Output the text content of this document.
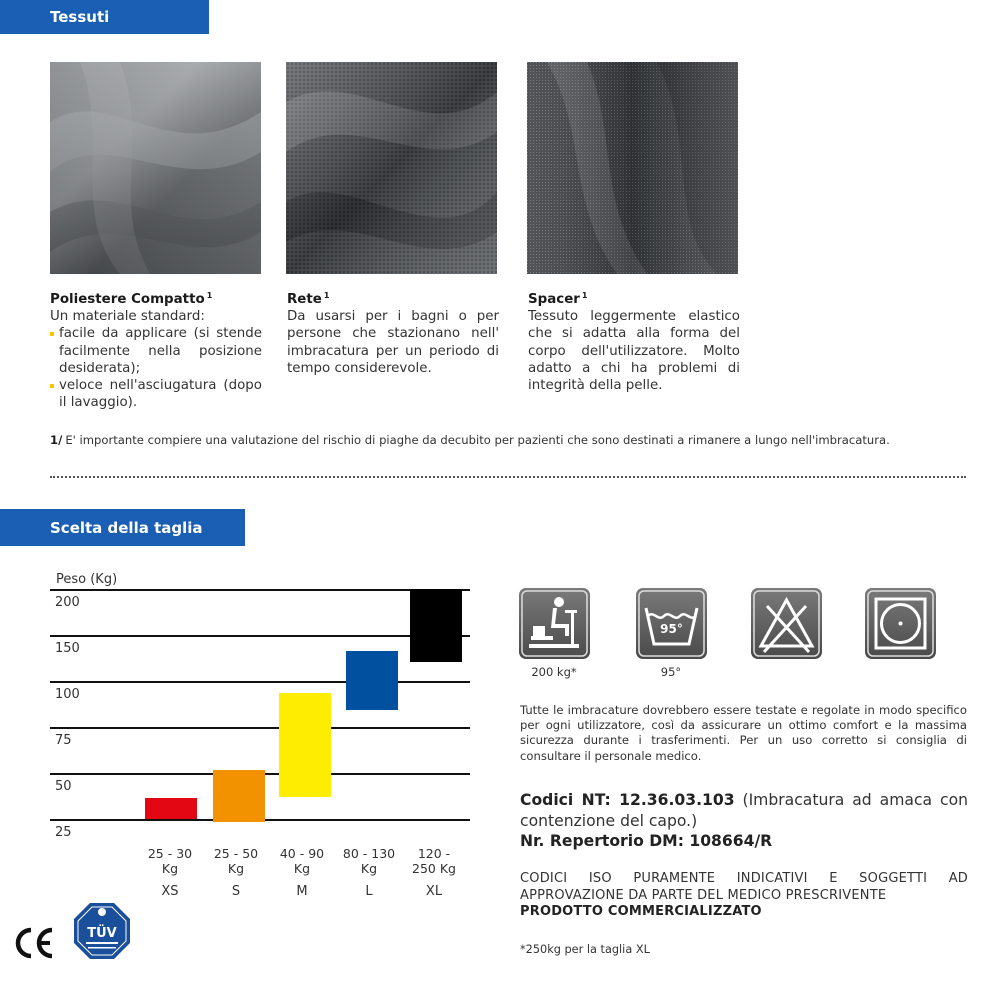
Tessuti
Poliestere Compatto $^1$
Un materiale standard:
facile da applicare (si stende facilmente nella posizione desiderata);
veloce nell'asciugatura (dopo il lavaggio).
Rete $^1$
Da usarsi per i bagni o per persone che stazionano nell' imbracatura per un periodo di tempo considerevole.
Spacer $^1$
Tessuto leggermente elastico che si adatta alla forma del corpo dell'utilizzatore. Molto adatto a chi ha problemi di integrità della pelle.
1/ E' importante compiere una valutazione del rischio di piaghe da decubito per pazienti che sono destinati a rimanere a lungo nell'imbracatura.
Scelta della taglia
Peso (Kg)
200
150
100
75
50
25
25 - 30
Kg
XS
25 - 50
Kg
S
40 - 90
Kg
M
80 - 130
Kg
L
120 -
250 Kg
XL
95°
200 kg*	95°
Tutte le imbracature dovrebbero essere testate e regolate in modo specifico per ogni utilizzatore, così da assicurare un ottimo comfort e la massima sicurezza durante i trasferimenti. Per un uso corretto si consiglia di consultare il personale medico.
Codici NT: 12.36.03.103 (Imbracatura ad amaca con contenzione del capo.)
Nr. Repertorio DM: 108664/R
CODICI ISO PURAMENTE INDICATIVI E SOGGETTI AD APPROVAZIONE DA PARTE DEL MEDICO PRESCRIVENTE
PRODOTTO COMMERCIALIZZATO
*250kg per la taglia XL
TÜV
